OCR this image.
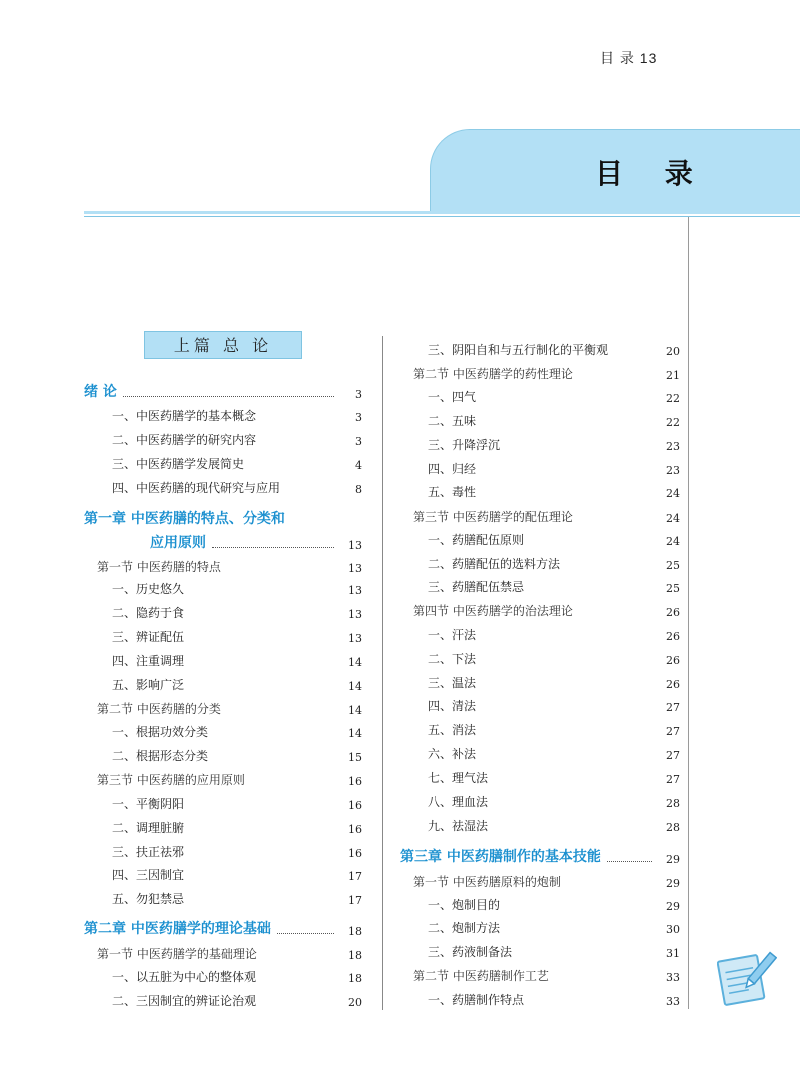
目 录 13
目 录
上篇 总 论
绪 论	3
一、中医药膳学的基本概念	3
二、中医药膳学的研究内容	3
三、中医药膳学发展简史	4
四、中医药膳的现代研究与应用	8
第一章 中医药膳的特点、分类和
应用原则	13
第一节 中医药膳的特点	13
一、历史悠久	13
二、隐药于食	13
三、辨证配伍	13
四、注重调理	14
五、影响广泛	14
第二节 中医药膳的分类	14
一、根据功效分类	14
二、根据形态分类	15
第三节 中医药膳的应用原则	16
一、平衡阴阳	16
二、调理脏腑	16
三、扶正祛邪	16
四、三因制宜	17
五、勿犯禁忌	17
第二章 中医药膳学的理论基础	18
第一节 中医药膳学的基础理论	18
一、以五脏为中心的整体观	18
二、三因制宜的辨证论治观	20
三、阴阳自和与五行制化的平衡观	20
第二节 中医药膳学的药性理论	21
一、四气	22
二、五味	22
三、升降浮沉	23
四、归经	23
五、毒性	24
第三节 中医药膳学的配伍理论	24
一、药膳配伍原则	24
二、药膳配伍的选料方法	25
三、药膳配伍禁忌	25
第四节 中医药膳学的治法理论	26
一、汗法	26
二、下法	26
三、温法	26
四、清法	27
五、消法	27
六、补法	27
七、理气法	27
八、理血法	28
九、祛湿法	28
第三章 中医药膳制作的基本技能	29
第一节 中医药膳原料的炮制	29
一、炮制目的	29
二、炮制方法	30
三、药液制备法	31
第二节 中医药膳制作工艺	33
一、药膳制作特点	33
